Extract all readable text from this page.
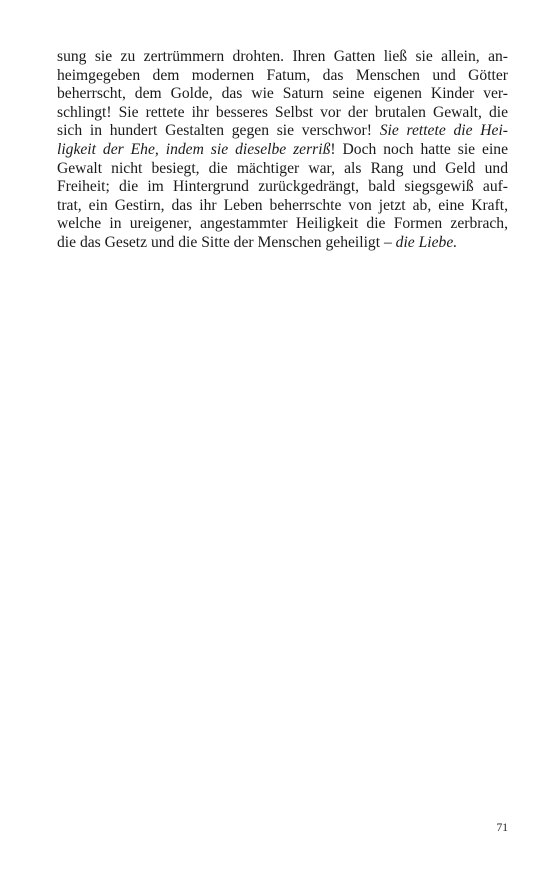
sung sie zu zertrümmern drohten. Ihren Gatten ließ sie allein, an-
heimgegeben dem modernen Fatum, das Menschen und Götter
beherrscht, dem Golde, das wie Saturn seine eigenen Kinder ver-
schlingt! Sie rettete ihr besseres Selbst vor der brutalen Gewalt, die
sich in hundert Gestalten gegen sie verschwor! Sie rettete die Hei-
ligkeit der Ehe, indem sie dieselbe zerriß! Doch noch hatte sie eine
Gewalt nicht besiegt, die mächtiger war, als Rang und Geld und
Freiheit; die im Hintergrund zurückgedrängt, bald siegsgewiß auf-
trat, ein Gestirn, das ihr Leben beherrschte von jetzt ab, eine Kraft,
welche in ureigener, angestammter Heiligkeit die Formen zerbrach,
die das Gesetz und die Sitte der Menschen geheiligt – die Liebe.
71
